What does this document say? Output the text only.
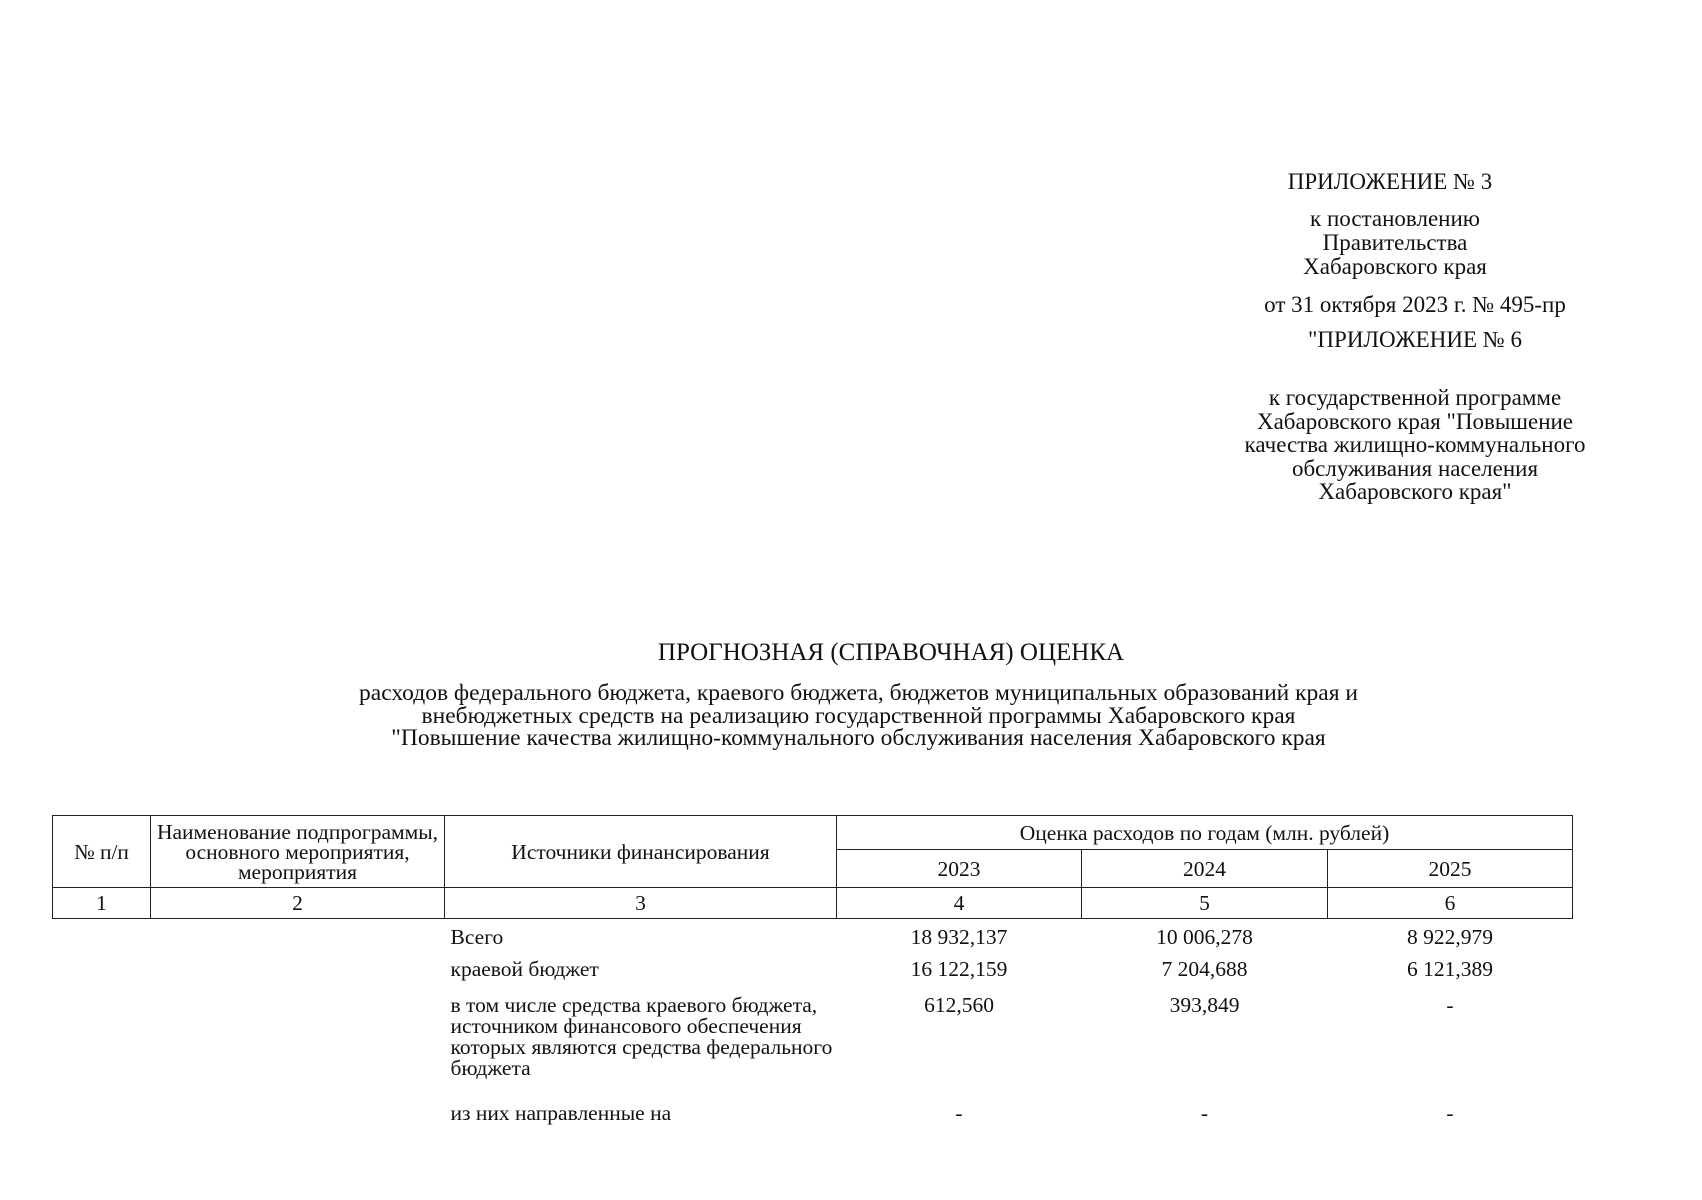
ПРИЛОЖЕНИЕ № 3
к постановлению
Правительства
Хабаровского края
от 31 октября 2023 г. № 495-пр
"ПРИЛОЖЕНИЕ № 6
к государственной программе
Хабаровского края "Повышение
качества жилищно-коммунального
обслуживания населения
Хабаровского края"
ПРОГНОЗНАЯ (СПРАВОЧНАЯ) ОЦЕНКА
расходов федерального бюджета, краевого бюджета, бюджетов муниципальных образований края и
внебюджетных средств на реализацию государственной программы Хабаровского края
"Повышение качества жилищно-коммунального обслуживания населения Хабаровского края
№ п/п	Наименование подпрограммы, основного мероприятия, мероприятия	Источники финансирования	Оценка расходов по годам (млн. рублей)		
			2023	2024	2025
1	2	3	4	5	6
		Всего	18 932,137	10 006,278	8 922,979
		краевой бюджет	16 122,159	7 204,688	6 121,389
		в том числе средства краевого бюджета, источником финансового обеспечения которых являются средства федерального бюджета	612,560	393,849	-
		из них направленные на	-	-	-
